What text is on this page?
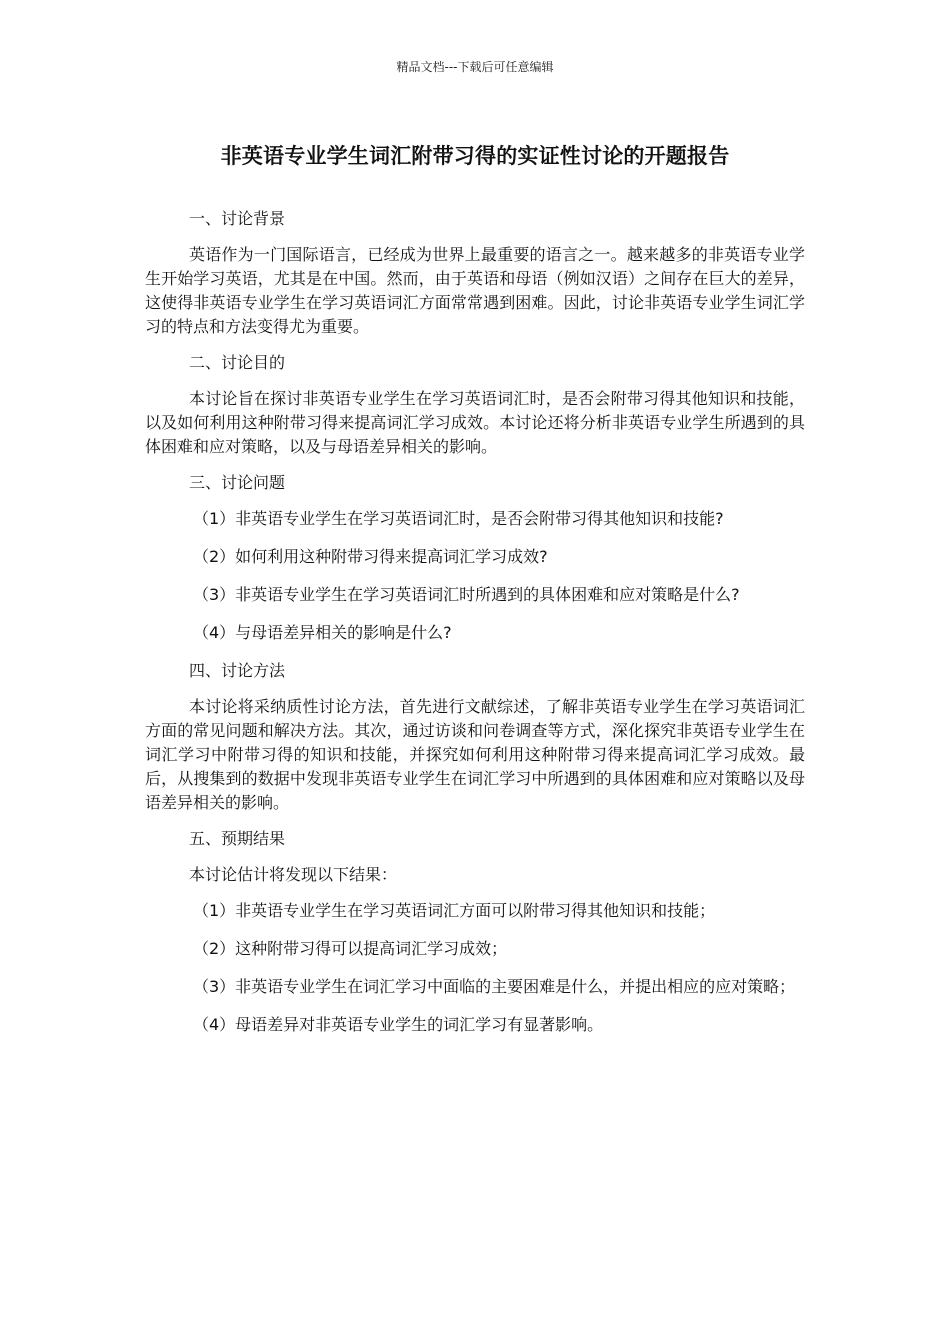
精品文档---下载后可任意编辑
非英语专业学生词汇附带习得的实证性讨论的开题报告

一、讨论背景

英语作为一门国际语言，已经成为世界上最重要的语言之一。越来越多的非英语专业学生开始学习英语，尤其是在中国。然而，由于英语和母语（例如汉语）之间存在巨大的差异，这使得非英语专业学生在学习英语词汇方面常常遇到困难。因此，讨论非英语专业学生词汇学习的特点和方法变得尤为重要。

二、讨论目的

本讨论旨在探讨非英语专业学生在学习英语词汇时，是否会附带习得其他知识和技能，以及如何利用这种附带习得来提高词汇学习成效。本讨论还将分析非英语专业学生所遇到的具体困难和应对策略，以及与母语差异相关的影响。

三、讨论问题

（1）非英语专业学生在学习英语词汇时，是否会附带习得其他知识和技能?

（2）如何利用这种附带习得来提高词汇学习成效?

（3）非英语专业学生在学习英语词汇时所遇到的具体困难和应对策略是什么?

（4）与母语差异相关的影响是什么?

四、讨论方法

本讨论将采纳质性讨论方法，首先进行文献综述，了解非英语专业学生在学习英语词汇方面的常见问题和解决方法。其次，通过访谈和问卷调查等方式，深化探究非英语专业学生在词汇学习中附带习得的知识和技能，并探究如何利用这种附带习得来提高词汇学习成效。最后，从搜集到的数据中发现非英语专业学生在词汇学习中所遇到的具体困难和应对策略以及母语差异相关的影响。

五、预期结果

本讨论估计将发现以下结果：

（1）非英语专业学生在学习英语词汇方面可以附带习得其他知识和技能；

（2）这种附带习得可以提高词汇学习成效；

（3）非英语专业学生在词汇学习中面临的主要困难是什么，并提出相应的应对策略；

（4）母语差异对非英语专业学生的词汇学习有显著影响。
